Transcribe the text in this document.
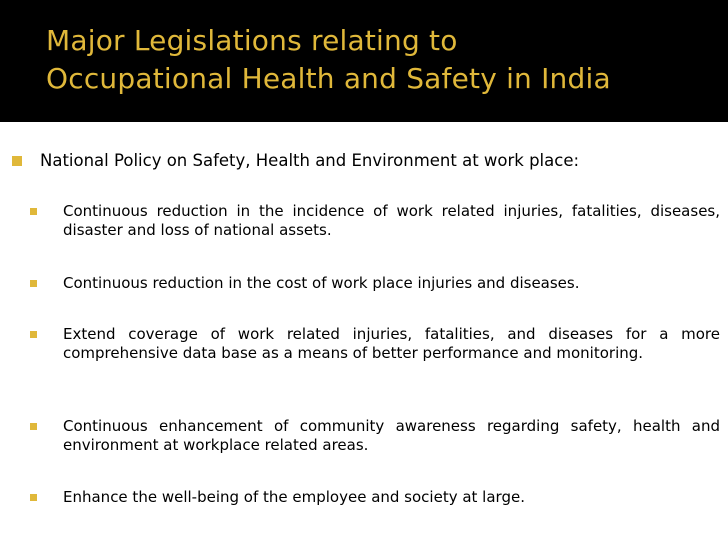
Major Legislations relating to
Occupational Health and Safety in India
National Policy on Safety, Health and Environment at work place:
Continuous reduction in the incidence of work related injuries, fatalities, diseases, disaster and loss of national assets.
Continuous reduction in the cost of work place injuries and diseases.
Extend coverage of work related injuries, fatalities, and diseases for a more comprehensive data base as a means of better performance and monitoring.
Continuous enhancement of community awareness regarding safety, health and environment at workplace related areas.
Enhance the well-being of the employee and society at large.
